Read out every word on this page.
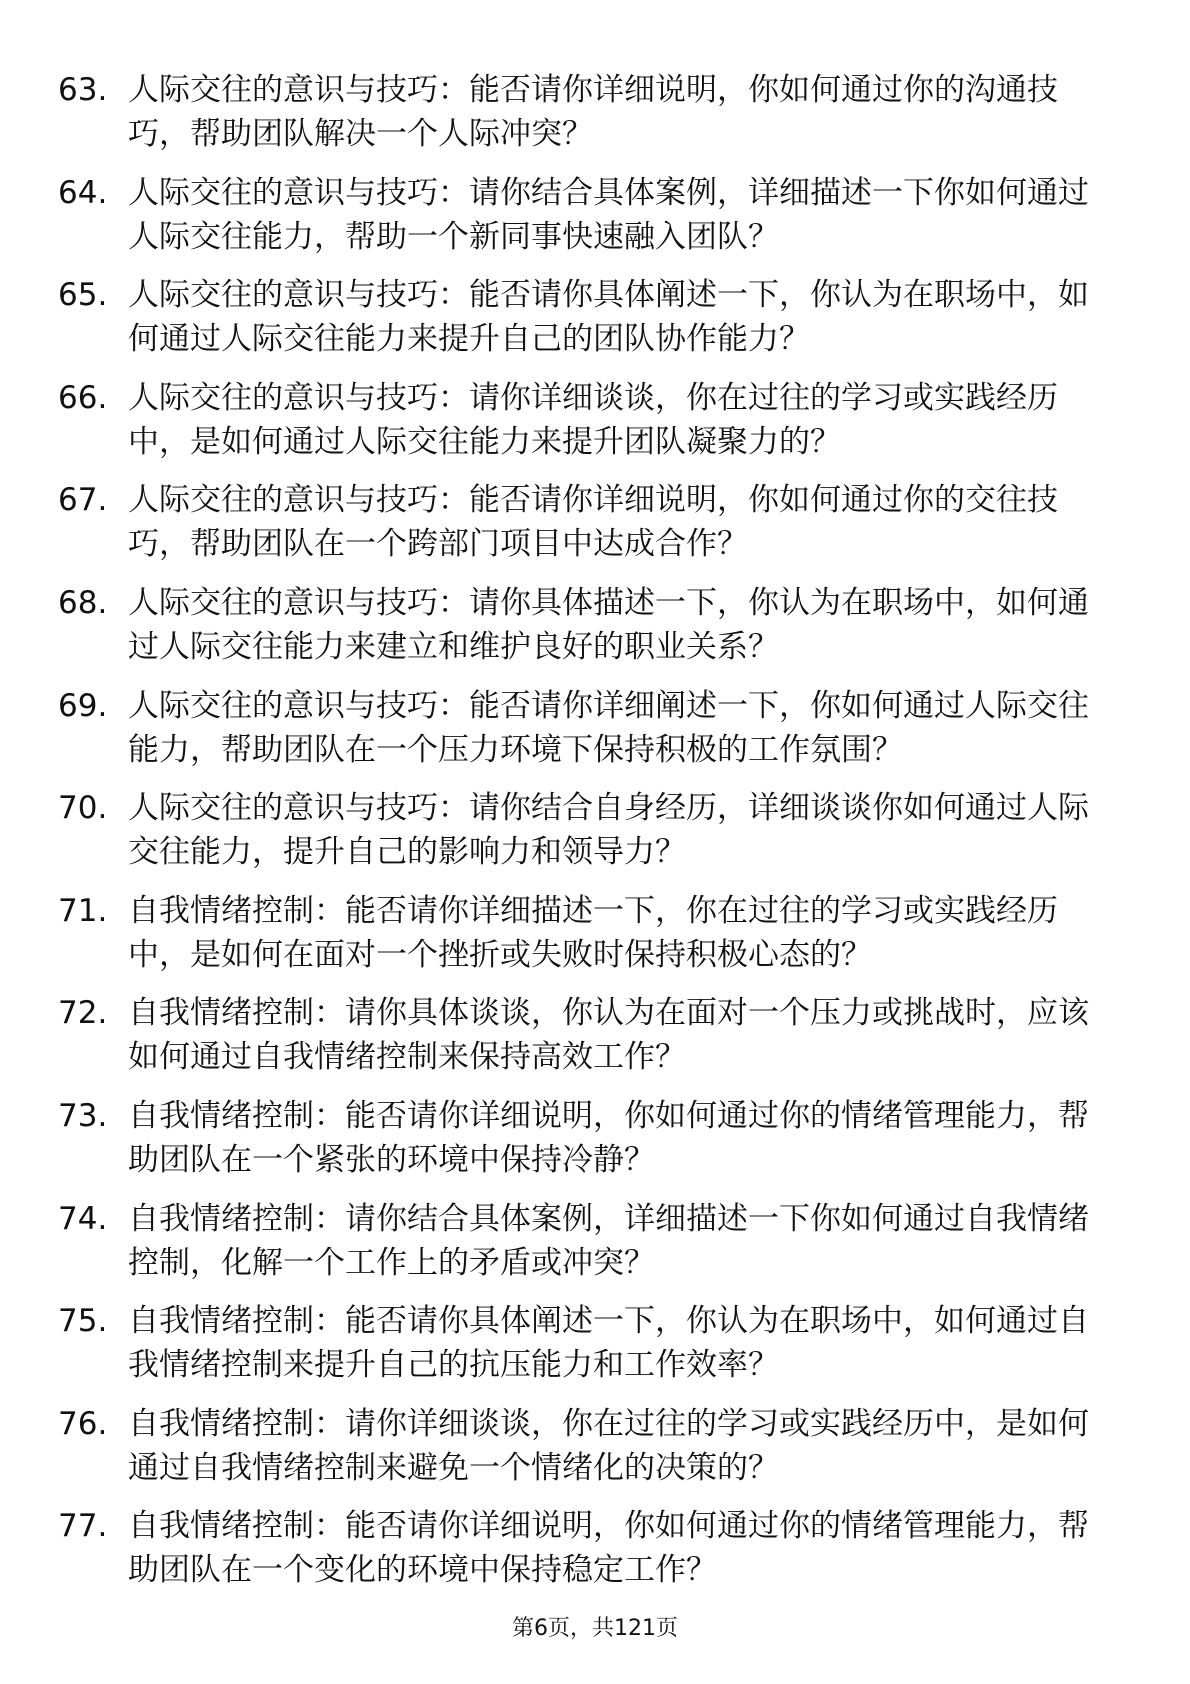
63. 人际交往的意识与技巧：能否请你详细说明，你如何通过你的沟通技巧，帮助团队解决一个人际冲突？
64. 人际交往的意识与技巧：请你结合具体案例，详细描述一下你如何通过人际交往能力，帮助一个新同事快速融入团队？
65. 人际交往的意识与技巧：能否请你具体阐述一下，你认为在职场中，如何通过人际交往能力来提升自己的团队协作能力？
66. 人际交往的意识与技巧：请你详细谈谈，你在过往的学习或实践经历中，是如何通过人际交往能力来提升团队凝聚力的？
67. 人际交往的意识与技巧：能否请你详细说明，你如何通过你的交往技巧，帮助团队在一个跨部门项目中达成合作？
68. 人际交往的意识与技巧：请你具体描述一下，你认为在职场中，如何通过人际交往能力来建立和维护良好的职业关系？
69. 人际交往的意识与技巧：能否请你详细阐述一下，你如何通过人际交往能力，帮助团队在一个压力环境下保持积极的工作氛围？
70. 人际交往的意识与技巧：请你结合自身经历，详细谈谈你如何通过人际交往能力，提升自己的影响力和领导力？
71. 自我情绪控制：能否请你详细描述一下，你在过往的学习或实践经历中，是如何在面对一个挫折或失败时保持积极心态的？
72. 自我情绪控制：请你具体谈谈，你认为在面对一个压力或挑战时，应该如何通过自我情绪控制来保持高效工作？
73. 自我情绪控制：能否请你详细说明，你如何通过你的情绪管理能力，帮助团队在一个紧张的环境中保持冷静？
74. 自我情绪控制：请你结合具体案例，详细描述一下你如何通过自我情绪控制，化解一个工作上的矛盾或冲突？
75. 自我情绪控制：能否请你具体阐述一下，你认为在职场中，如何通过自我情绪控制来提升自己的抗压能力和工作效率？
76. 自我情绪控制：请你详细谈谈，你在过往的学习或实践经历中，是如何通过自我情绪控制来避免一个情绪化的决策的？
77. 自我情绪控制：能否请你详细说明，你如何通过你的情绪管理能力，帮助团队在一个变化的环境中保持稳定工作？
第6页，共121页
